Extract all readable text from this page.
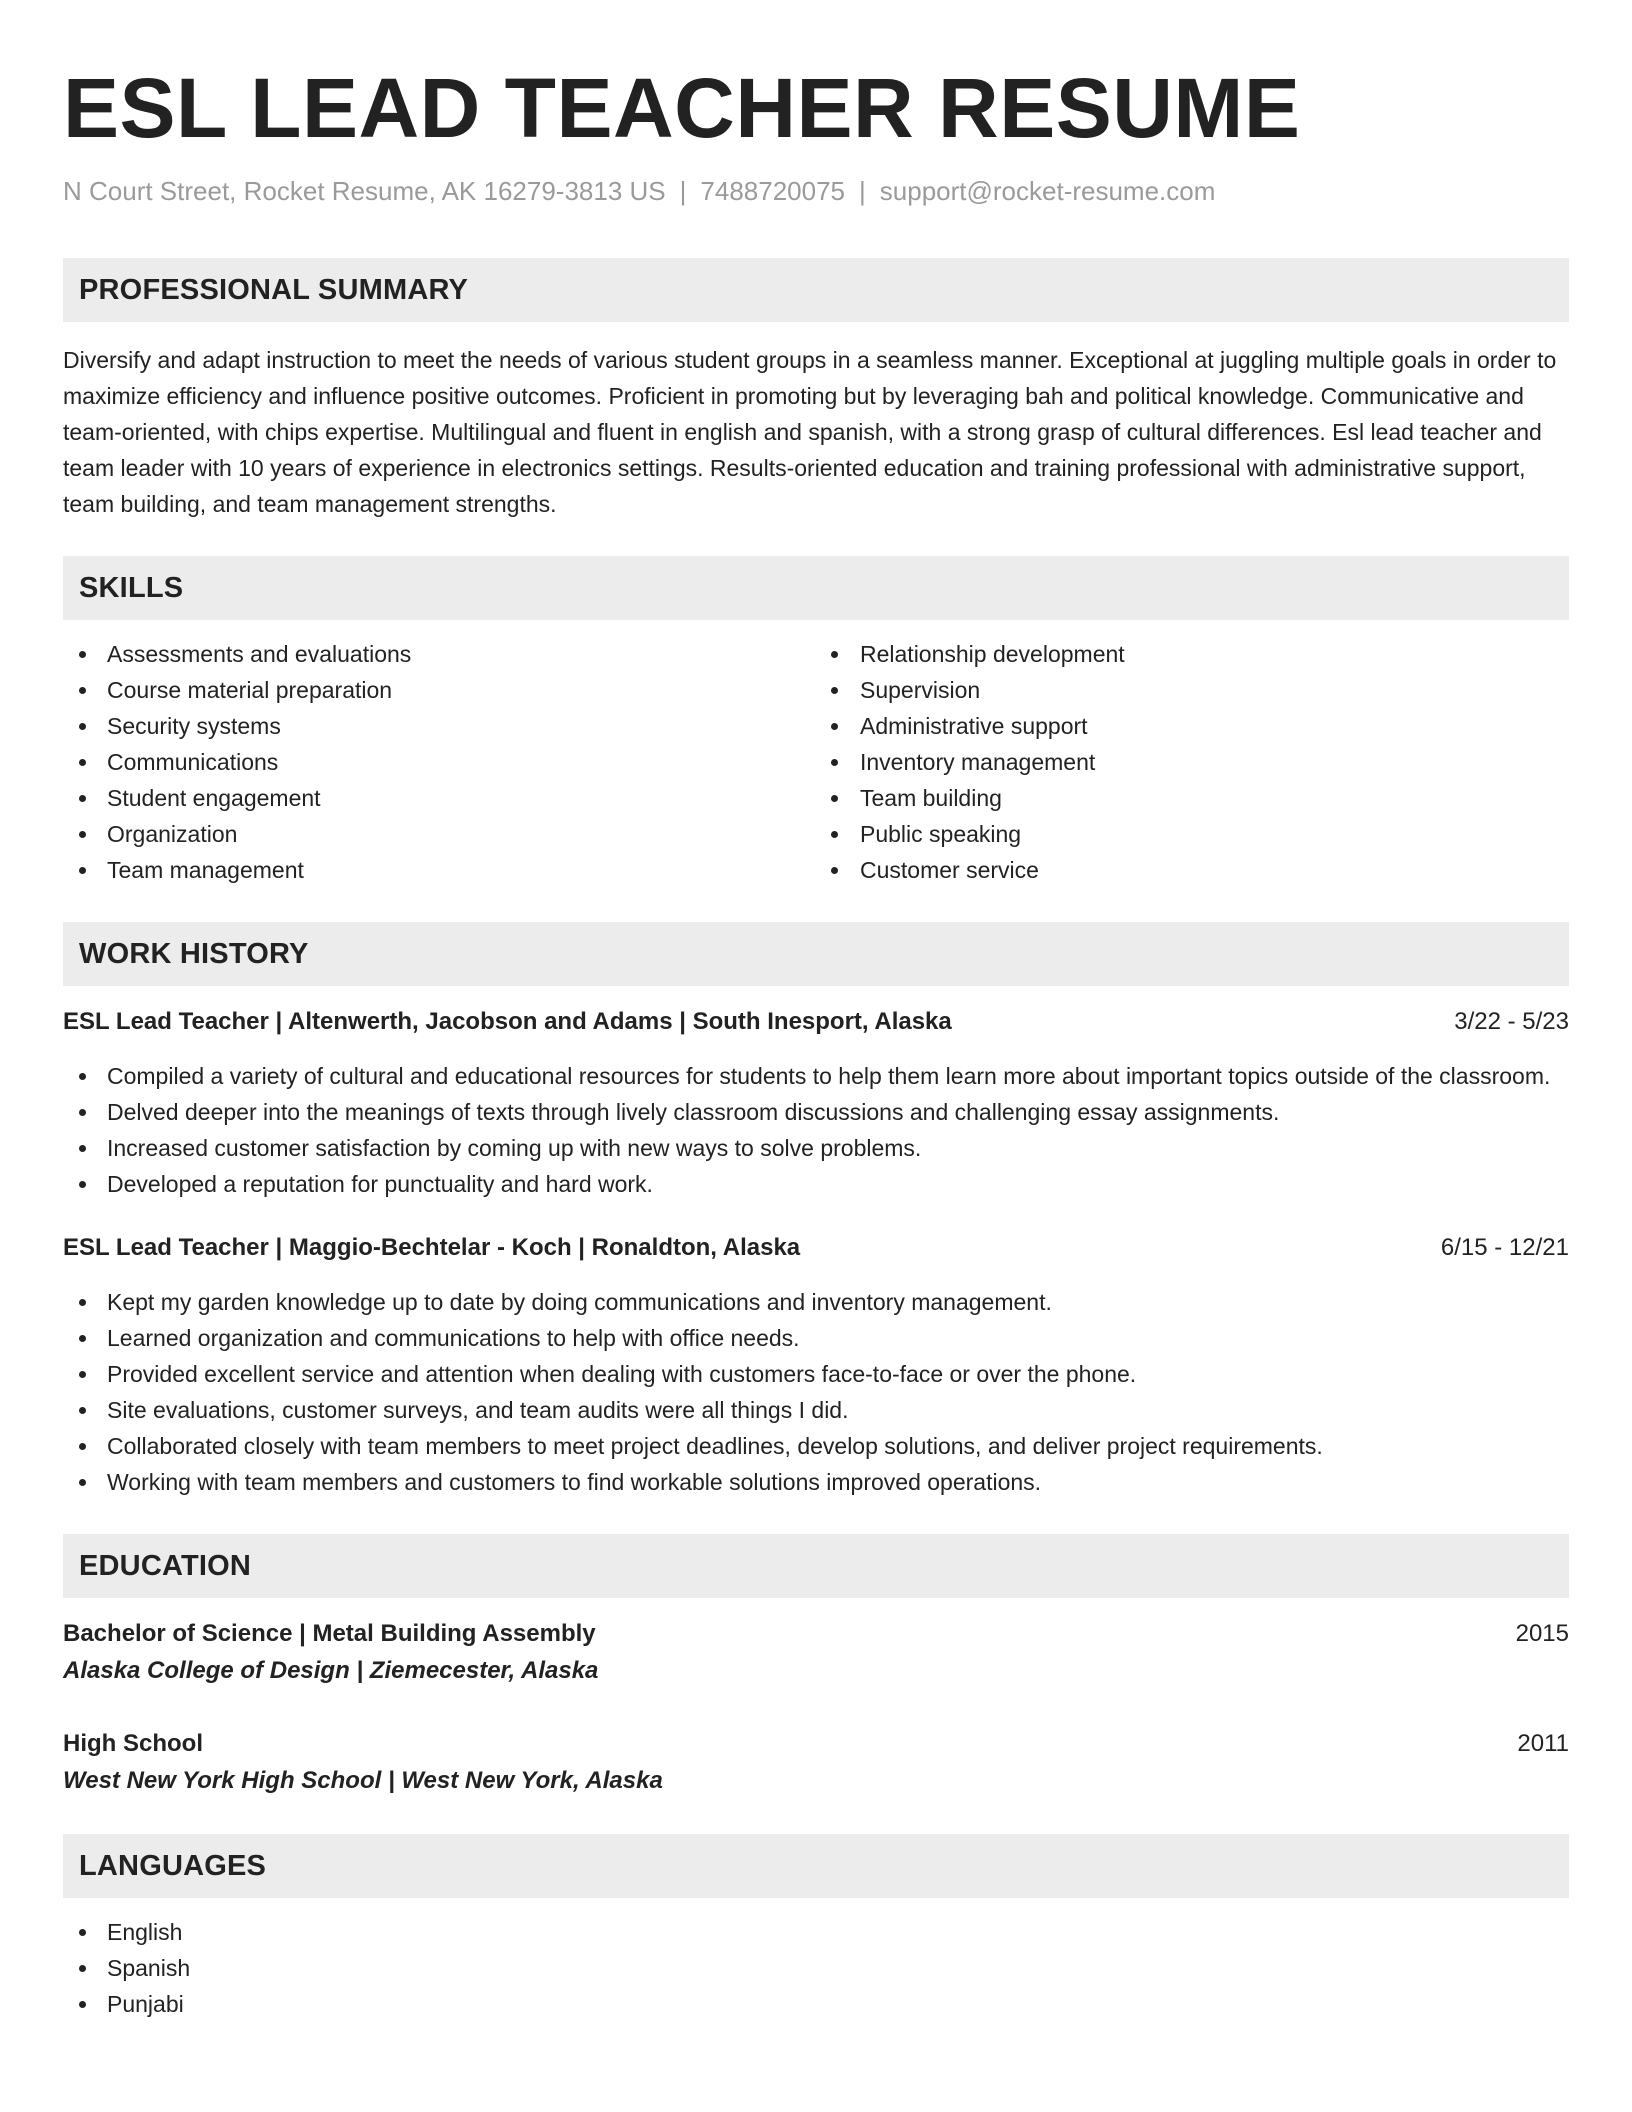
ESL LEAD TEACHER RESUME
N Court Street, Rocket Resume, AK 16279-3813 US | 7488720075 | support@rocket-resume.com
PROFESSIONAL SUMMARY

Diversify and adapt instruction to meet the needs of various student groups in a seamless manner. Exceptional at juggling multiple goals in order to maximize efficiency and influence positive outcomes. Proficient in promoting but by leveraging bah and political knowledge. Communicative and team-oriented, with chips expertise. Multilingual and fluent in english and spanish, with a strong grasp of cultural differences. Esl lead teacher and team leader with 10 years of experience in electronics settings. Results-oriented education and training professional with administrative support, team building, and team management strengths.

SKILLS
Assessments and evaluations
Course material preparation
Security systems
Communications
Student engagement
Organization
Team management
Relationship development
Supervision
Administrative support
Inventory management
Team building
Public speaking
Customer service
WORK HISTORY
ESL Lead Teacher | Altenwerth, Jacobson and Adams | South Inesport, Alaska	3/22 - 5/23
Compiled a variety of cultural and educational resources for students to help them learn more about important topics outside of the classroom.
Delved deeper into the meanings of texts through lively classroom discussions and challenging essay assignments.
Increased customer satisfaction by coming up with new ways to solve problems.
Developed a reputation for punctuality and hard work.
ESL Lead Teacher | Maggio-Bechtelar - Koch | Ronaldton, Alaska	6/15 - 12/21
Kept my garden knowledge up to date by doing communications and inventory management.
Learned organization and communications to help with office needs.
Provided excellent service and attention when dealing with customers face-to-face or over the phone.
Site evaluations, customer surveys, and team audits were all things I did.
Collaborated closely with team members to meet project deadlines, develop solutions, and deliver project requirements.
Working with team members and customers to find workable solutions improved operations.
EDUCATION
Bachelor of Science | Metal Building Assembly	2015
Alaska College of Design | Ziemecester, Alaska
High School	2011
West New York High School | West New York, Alaska
LANGUAGES
English
Spanish
Punjabi
